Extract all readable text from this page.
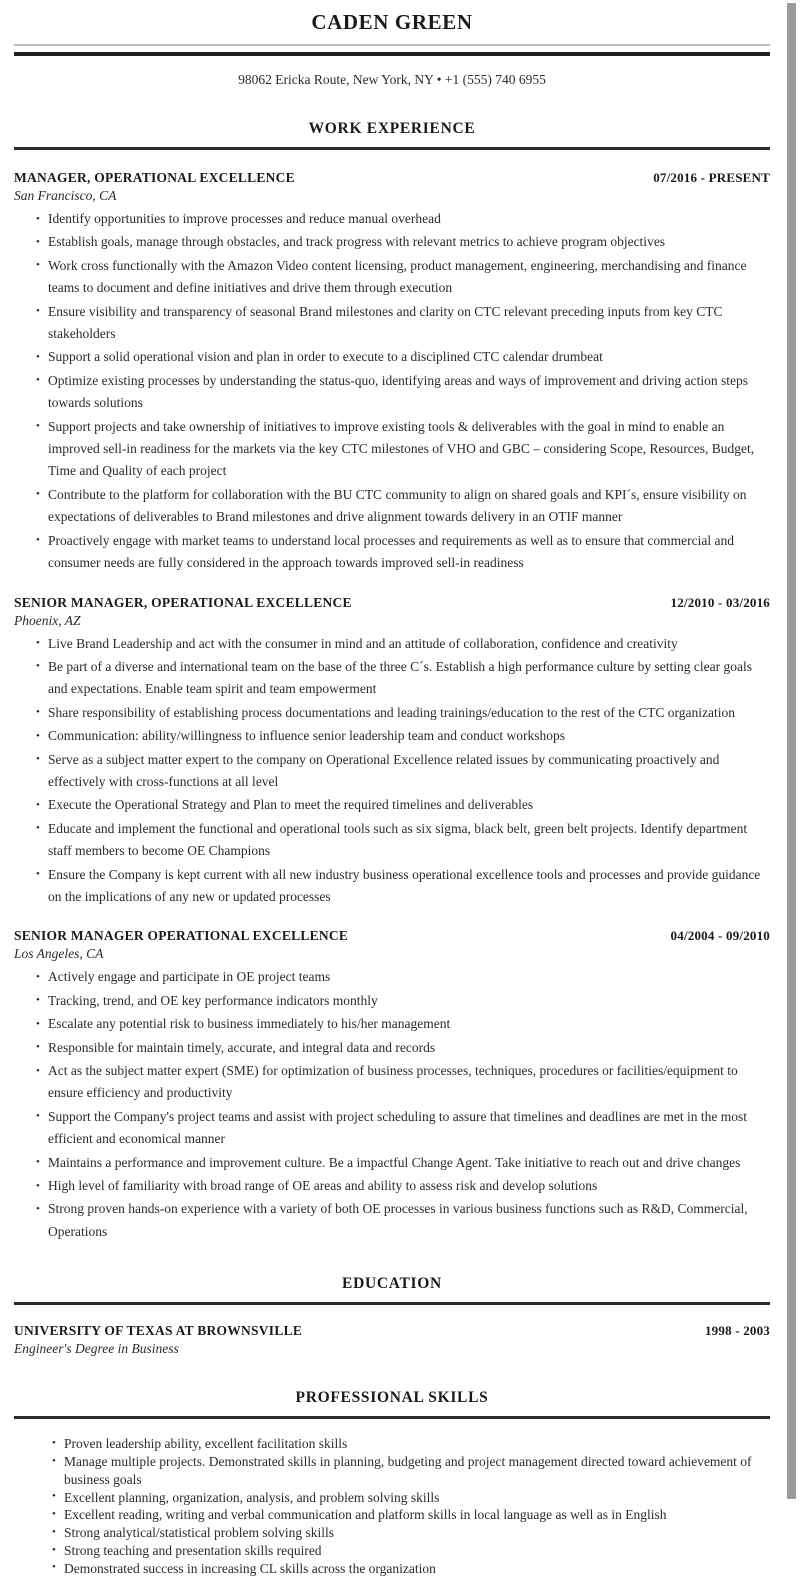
CADEN GREEN
98062 Ericka Route, New York, NY • +1 (555) 740 6955
WORK EXPERIENCE
MANAGER, OPERATIONAL EXCELLENCE	07/2016 - PRESENT
San Francisco, CA
• Identify opportunities to improve processes and reduce manual overhead
• Establish goals, manage through obstacles, and track progress with relevant metrics to achieve program objectives
• Work cross functionally with the Amazon Video content licensing, product management, engineering, merchandising and finance teams to document and define initiatives and drive them through execution
• Ensure visibility and transparency of seasonal Brand milestones and clarity on CTC relevant preceding inputs from key CTC stakeholders
• Support a solid operational vision and plan in order to execute to a disciplined CTC calendar drumbeat
• Optimize existing processes by understanding the status-quo, identifying areas and ways of improvement and driving action steps towards solutions
• Support projects and take ownership of initiatives to improve existing tools & deliverables with the goal in mind to enable an improved sell-in readiness for the markets via the key CTC milestones of VHO and GBC – considering Scope, Resources, Budget, Time and Quality of each project
• Contribute to the platform for collaboration with the BU CTC community to align on shared goals and KPI´s, ensure visibility on expectations of deliverables to Brand milestones and drive alignment towards delivery in an OTIF manner
• Proactively engage with market teams to understand local processes and requirements as well as to ensure that commercial and consumer needs are fully considered in the approach towards improved sell-in readiness
SENIOR MANAGER, OPERATIONAL EXCELLENCE	12/2010 - 03/2016
Phoenix, AZ
• Live Brand Leadership and act with the consumer in mind and an attitude of collaboration, confidence and creativity
• Be part of a diverse and international team on the base of the three C´s. Establish a high performance culture by setting clear goals and expectations. Enable team spirit and team empowerment
• Share responsibility of establishing process documentations and leading trainings/education to the rest of the CTC organization
• Communication: ability/willingness to influence senior leadership team and conduct workshops
• Serve as a subject matter expert to the company on Operational Excellence related issues by communicating proactively and effectively with cross-functions at all level
• Execute the Operational Strategy and Plan to meet the required timelines and deliverables
• Educate and implement the functional and operational tools such as six sigma, black belt, green belt projects. Identify department staff members to become OE Champions
• Ensure the Company is kept current with all new industry business operational excellence tools and processes and provide guidance on the implications of any new or updated processes
SENIOR MANAGER OPERATIONAL EXCELLENCE	04/2004 - 09/2010
Los Angeles, CA
• Actively engage and participate in OE project teams
• Tracking, trend, and OE key performance indicators monthly
• Escalate any potential risk to business immediately to his/her management
• Responsible for maintain timely, accurate, and integral data and records
• Act as the subject matter expert (SME) for optimization of business processes, techniques, procedures or facilities/equipment to ensure efficiency and productivity
• Support the Company's project teams and assist with project scheduling to assure that timelines and deadlines are met in the most efficient and economical manner
• Maintains a performance and improvement culture. Be a impactful Change Agent. Take initiative to reach out and drive changes
• High level of familiarity with broad range of OE areas and ability to assess risk and develop solutions
• Strong proven hands-on experience with a variety of both OE processes in various business functions such as R&D, Commercial, Operations
EDUCATION
UNIVERSITY OF TEXAS AT BROWNSVILLE	1998 - 2003
Engineer's Degree in Business
PROFESSIONAL SKILLS
• Proven leadership ability, excellent facilitation skills
• Manage multiple projects. Demonstrated skills in planning, budgeting and project management directed toward achievement of business goals
• Excellent planning, organization, analysis, and problem solving skills
• Excellent reading, writing and verbal communication and platform skills in local language as well as in English
• Strong analytical/statistical problem solving skills
• Strong teaching and presentation skills required
• Demonstrated success in increasing CL skills across the organization
